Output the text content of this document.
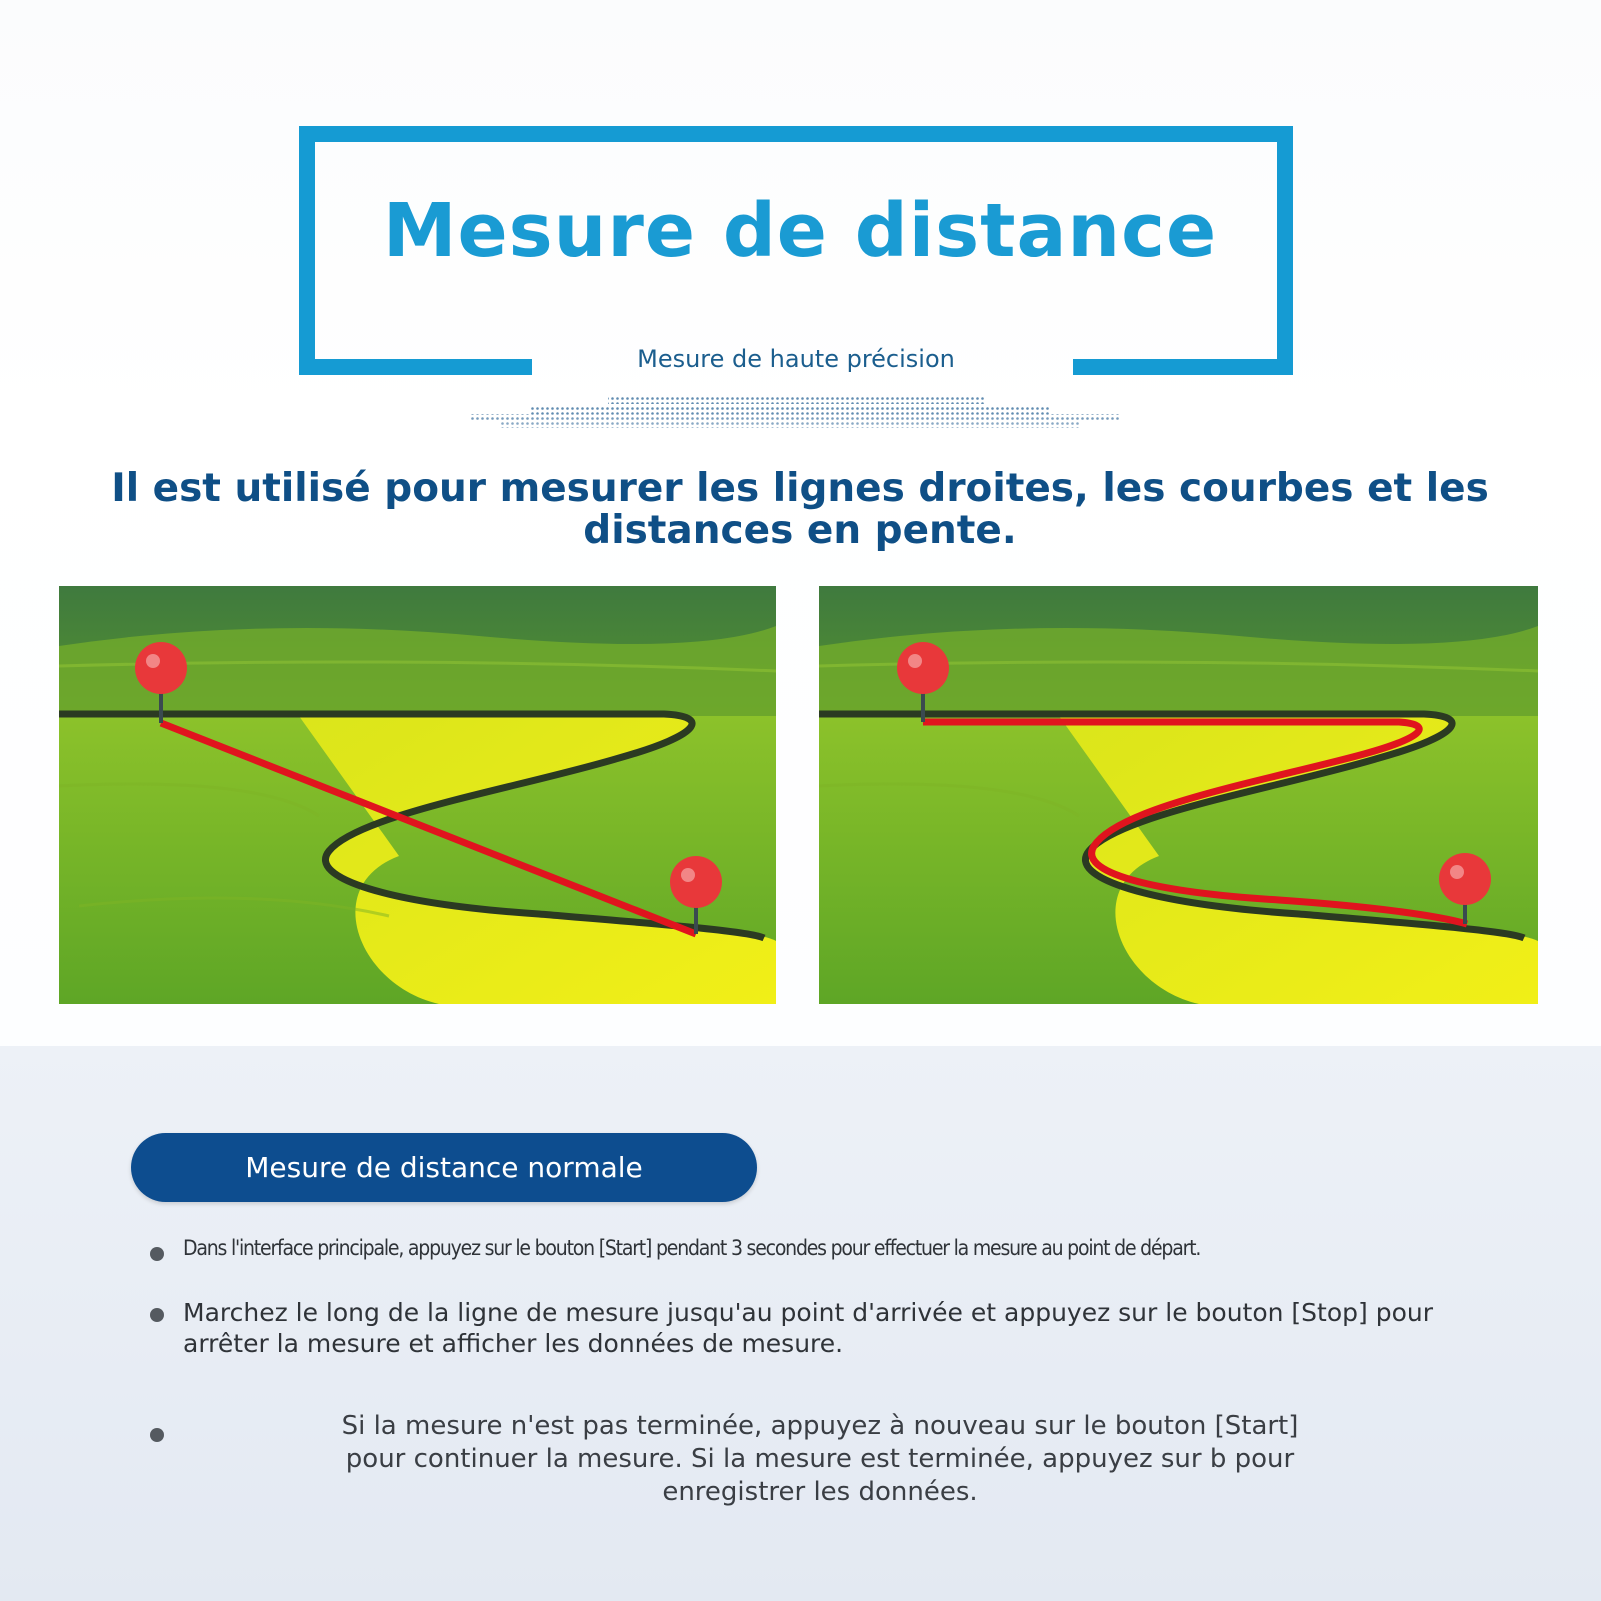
Mesure de distance
Mesure de haute précision
Il est utilisé pour mesurer les lignes droites, les courbes et les distances en pente.
Mesure de distance normale
Dans l'interface principale, appuyez sur le bouton [Start] pendant 3 secondes pour effectuer la mesure au point de départ.
Marchez le long de la ligne de mesure jusqu'au point d'arrivée et appuyez sur le bouton [Stop] pour arrêter la mesure et afficher les données de mesure.
Si la mesure n'est pas terminée, appuyez à nouveau sur le bouton [Start] pour continuer la mesure. Si la mesure est terminée, appuyez sur b pour enregistrer les données.
